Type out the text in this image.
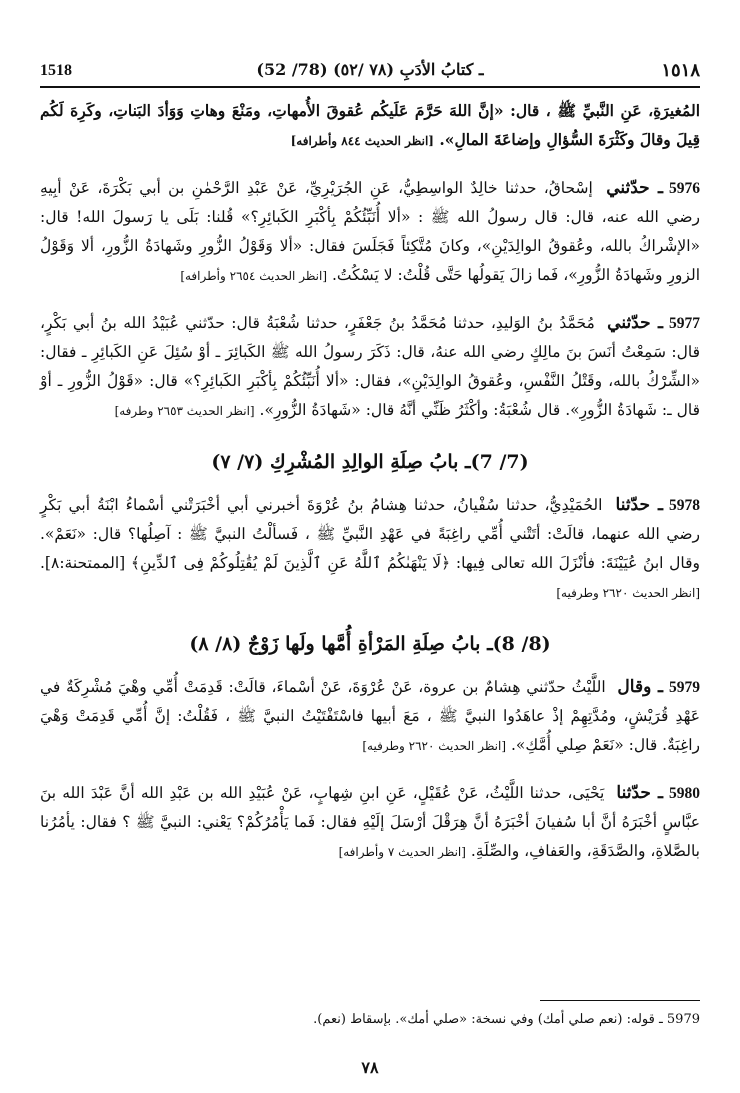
1518	(52 /78) ـ كتابُ الأدَبِ (٧٨ /٥٢)	١٥١٨

المُغيرَةِ، عَنِ النَّبيِّ ﷺ ، قال: «إنَّ اللهَ حَرَّمَ عَلَيكُم عُقوقَ الأُمهاتِ، ومَنْعَ وهاتِ وَوَأدَ البَناتِ، وكَرِهَ لَكُم قِيلَ وقالَ وكَثْرَةَ السُّؤالِ وإضاعَةَ المالِ». [انظر الحديث ٨٤٤ وأطرافه]

5976ـ حدّثني إسْحاقُ، حدثنا خالِدٌ الواسِطِيُّ، عَنِ الجُرَيْرِيِّ، عَنْ عَبْدِ الرَّحْمٰنِ بن أبي بَكْرَةَ، عَنْ أبِيهِ رضي الله عنه، قال: قال رسولُ الله ﷺ : «ألا أُنَبِّئُكُمْ بِأكْبَرِ الكَبائِرِ؟» قُلنا: بَلَى يا رَسولَ الله! قال: «الإشْراكُ بالله، وعُقوقُ الوالِدَيْنِ»، وكانَ مُتَّكِئاً فَجَلَسَ فقال: «ألا وَقَوْلُ الزُّورِ وشَهادَةُ الزُّورِ، ألا وَقَوْلُ الزورِ وشَهادَةُ الزُّورِ»، فَما زالَ يَقولُها حَتَّى قُلْتُ: لا يَسْكُتُ. [انظر الحديث ٢٦٥٤ وأطرافه]

5977ـ حدّثني مُحَمَّدُ بنُ الوَليدِ، حدثنا مُحَمَّدُ بنُ جَعْفَرٍ، حدثنا شُعْبَةُ قال: حدّثني عُبَيْدُ الله بنُ أبي بَكْرٍ، قال: سَمِعْتُ أنَسَ بنَ مالِكٍ رضي الله عنهُ، قال: ذَكَرَ رسولُ الله ﷺ الكَبائِرَ ـ أوْ سُئِلَ عَنِ الكَبائِرِ ـ فقال: «الشِّرْكُ بالله، وقَتْلُ النَّفْسِ، وعُقوقُ الوالِدَيْنِ»، فقال: «ألا أُنَبِّئُكُمْ بِأكْبَرِ الكَبائِرِ؟» قال: «قَوْلُ الزُّورِ ـ أوْ قال ـ: شَهادَةُ الزُّورِ». قال شُعْبَةُ: وأكْثَرُ ظَنِّي أنَّهُ قال: «شَهادَةُ الزُّورِ». [انظر الحديث ٢٦٥٣ وطرفه]

(7/ 7)ـ بابُ صِلَةِ الوالِدِ المُشْرِكِ (٧/ ٧)

5978ـ حدّثنا الحُمَيْدِيُّ، حدثنا سُفْيانُ، حدثنا هِشامُ بنُ عُرْوَةَ أخبرني أبي أخْبَرَتْني أسْماءُ ابْنَةُ أبي بَكْرٍ رضي الله عنهما، قالَتْ: أتَتْني أُمِّي راغِبَةً في عَهْدِ النَّبيِّ ﷺ ، فَسألْتُ النبيَّ ﷺ : آصِلُها؟ قال: «نَعَمْ». وقال ابنُ عُيَيْنَةَ: فأنْزَلَ الله تعالى فِيها: ﴿لَا يَنْهَىٰكُمُ ٱللَّهُ عَنِ ٱلَّذِينَ لَمْ يُقَٰتِلُوكُمْ فِى ٱلدِّينِ﴾ [الممتحنة:٨]. [انظر الحديث ٢٦٢٠ وطرفيه]

(8/ 8)ـ بابُ صِلَةِ المَرْأةِ أُمَّها ولَها زَوْجٌ (٨/ ٨)

5979ـ وقال اللَّيْثُ حدّثني هِشامٌ بن عروة، عَنْ عُرْوَةَ، عَنْ أسْماءَ، قالَتْ: قَدِمَتْ أُمِّي وهْيَ مُشْرِكَةٌ في عَهْدِ قُرَيْشٍ، ومُدَّتِهِمْ إذْ عاهَدُوا النبيَّ ﷺ ، مَعَ أبيها فاسْتَفْتَيْتُ النبيَّ ﷺ ، فَقُلْتُ: إنَّ أُمِّي قَدِمَتْ وَهْيَ راغِبَةٌ. قال: «نَعَمْ صِلي أُمَّكِ». [انظر الحديث ٢٦٢٠ وطرفيه]

5980ـ حدّثنا يَحْيَى، حدثنا اللَّيْثُ، عَنْ عُقَيْلٍ، عَنِ ابنِ شِهابٍ، عَنْ عُبَيْدِ الله بن عَبْدِ الله أنَّ عَبْدَ الله بنَ عبَّاسٍ أخْبَرَهُ أنَّ أبا سُفيانَ أخْبَرَهُ أنَّ هِرَقْلَ أرْسَلَ إلَيْهِ فقال: فَما يَأْمُرُكُمْ؟ يَعْني: النبيَّ ﷺ ؟ فقال: يأمُرُنا بالصَّلاةِ، والصَّدَقَةِ، والعَفافِ، والصِّلَةِ. [انظر الحديث ٧ وأطرافه]

5979 ـ قوله: (نعم صلي أمك) وفي نسخة: «صلي أمك». بإسقاط (نعم).
٧٨
